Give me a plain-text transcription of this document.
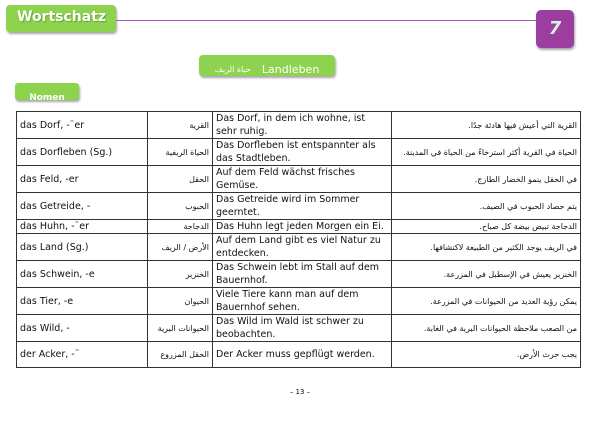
Wortschatz
7
حياة الريف Landleben
Nomen
das Dorf, -¨er	القرية	Das Dorf, in dem ich wohne, ist sehr ruhig.	القرية التي أعيش فيها هادئة جدًا.
das Dorfleben (Sg.)	الحياة الريفية	Das Dorfleben ist entspannter als das Stadtleben.	الحياة في القرية أكثر استرخاءً من الحياة في المدينة.
das Feld, -er	الحقل	Auf dem Feld wächst frisches Gemüse.	في الحقل ينمو الخضار الطازج.
das Getreide, -	الحبوب	Das Getreide wird im Sommer geerntet.	يتم حصاد الحبوب في الصيف.
das Huhn, -¨er	الدجاجة	Das Huhn legt jeden Morgen ein Ei.	الدجاجة تبيض بيضة كل صباح.
das Land (Sg.)	الأرض / الريف	Auf dem Land gibt es viel Natur zu entdecken.	في الريف يوجد الكثير من الطبيعة لاكتشافها.
das Schwein, -e	الخنزير	Das Schwein lebt im Stall auf dem Bauernhof.	الخنزير يعيش في الإسطبل في المزرعة.
das Tier, -e	الحيوان	Viele Tiere kann man auf dem Bauernhof sehen.	يمكن رؤية العديد من الحيوانات في المزرعة.
das Wild, -	الحيوانات البرية	Das Wild im Wald ist schwer zu beobachten.	من الصعب ملاحظة الحيوانات البرية في الغابة.
der Acker, -¨	الحقل المزروع	Der Acker muss gepflügt werden.	يجب حرث الأرض.
– 13 –
